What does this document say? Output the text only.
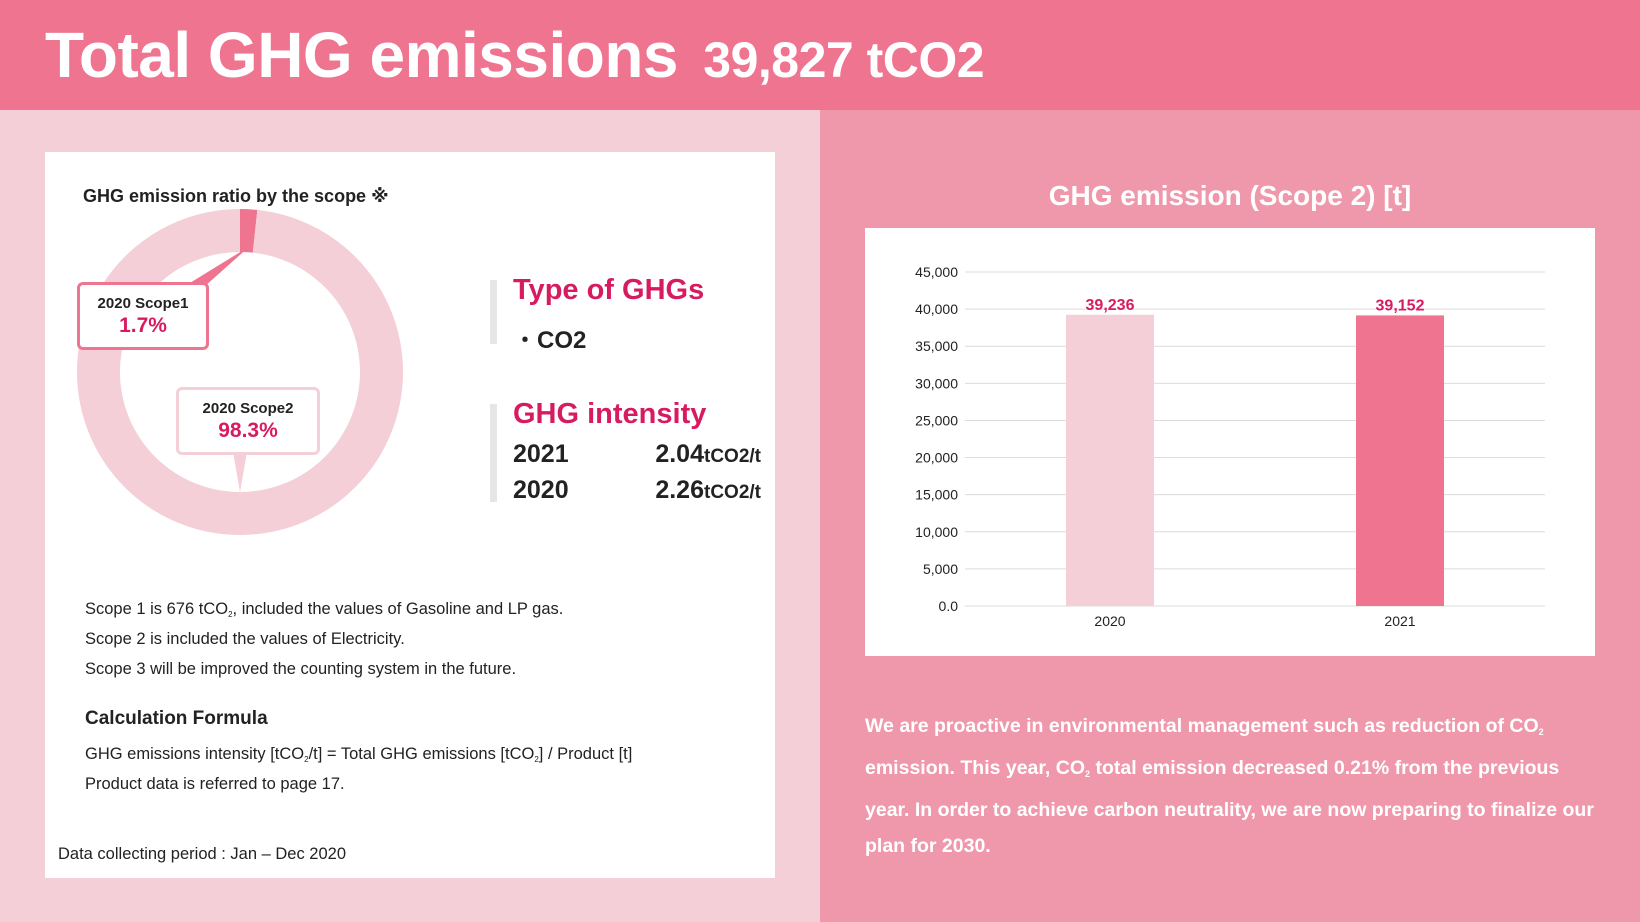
Total GHG emissions 39,827 tCO2
GHG emission ratio by the scope ※
2020 Scope1
1.7%
2020 Scope2
98.3%
Type of GHGs
・CO2
GHG intensity
2021	2.04tCO2/t
2020	2.26tCO2/t
Scope 1 is 676 tCO$_2$, included the values of Gasoline and LP gas.
Scope 2 is included the values of Electricity.
Scope 3 will be improved the counting system in the future.
Calculation Formula
GHG emissions intensity [tCO$_2$/t] = Total GHG emissions [tCO$_2$] / Product [t]
Product data is referred to page 17.
Data collecting period : Jan – Dec 2020
GHG emission (Scope 2) [t]
0.0
5,000
10,000
15,000
20,000
25,000
30,000
35,000
40,000
45,000
39,236
2020
39,152
2021
We are proactive in environmental management such as reduction of $CO_2$ emission. This year, $CO_2$ total emission decreased 0.21% from the previous year. In order to achieve carbon neutrality, we are now preparing to finalize our plan for 2030.
